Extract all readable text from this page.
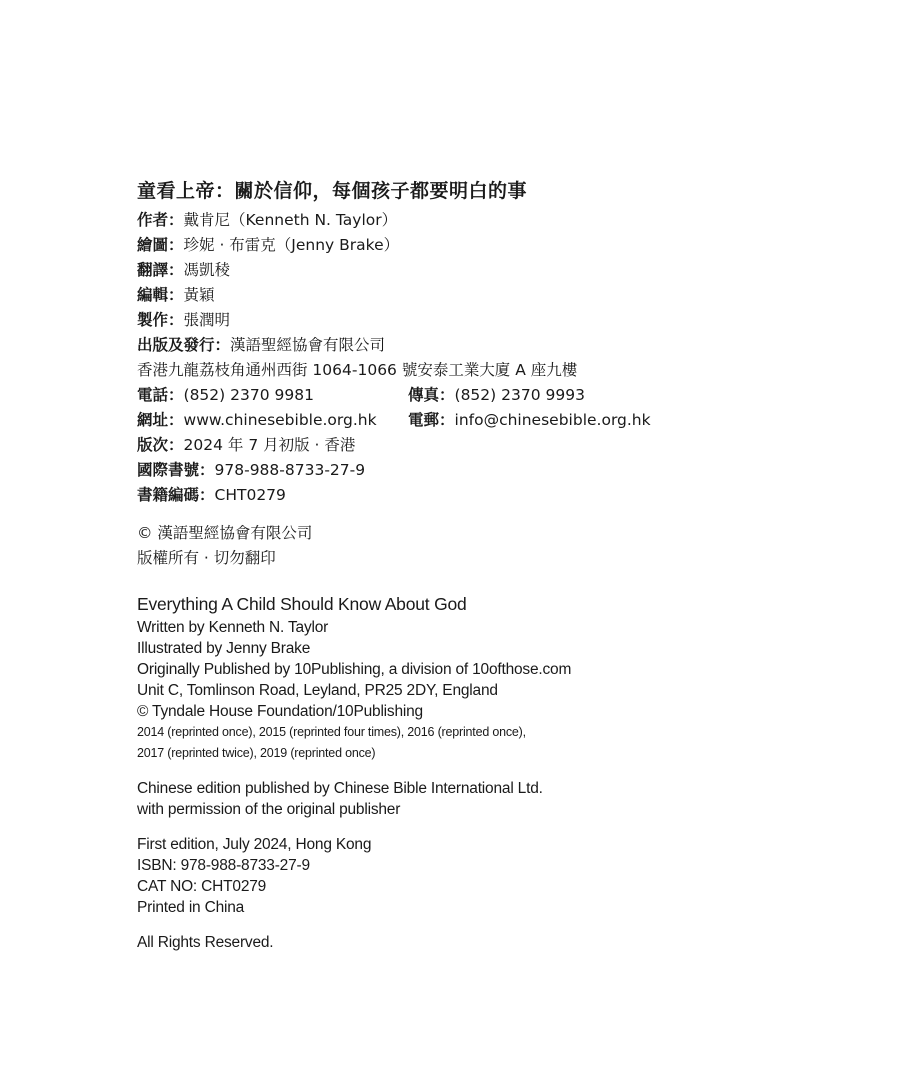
童看上帝：關於信仰，每個孩子都要明白的事
作者：戴肯尼（Kenneth N. Taylor）
繪圖：珍妮 · 布雷克（Jenny Brake）
翻譯：馮凱稜
編輯：黃穎
製作：張潤明
出版及發行：漢語聖經協會有限公司
香港九龍荔枝角通州西街 1064-1066 號安泰工業大廈 A 座九樓
電話：(852) 2370 9981	傳真：(852) 2370 9993
網址：www.chinesebible.org.hk	電郵：info@chinesebible.org.hk
版次：2024 年 7 月初版 · 香港
國際書號：978-988-8733-27-9
書籍編碼：CHT0279
© 漢語聖經協會有限公司
版權所有 · 切勿翻印
Everything A Child Should Know About God
Written by Kenneth N. Taylor
Illustrated by Jenny Brake
Originally Published by 10Publishing, a division of 10ofthose.com
Unit C, Tomlinson Road, Leyland, PR25 2DY, England
© Tyndale House Foundation/10Publishing
2014 (reprinted once), 2015 (reprinted four times), 2016 (reprinted once),
2017 (reprinted twice), 2019 (reprinted once)
Chinese edition published by Chinese Bible International Ltd.
with permission of the original publisher
First edition, July 2024, Hong Kong
ISBN: 978-988-8733-27-9
CAT NO: CHT0279
Printed in China
All Rights Reserved.
